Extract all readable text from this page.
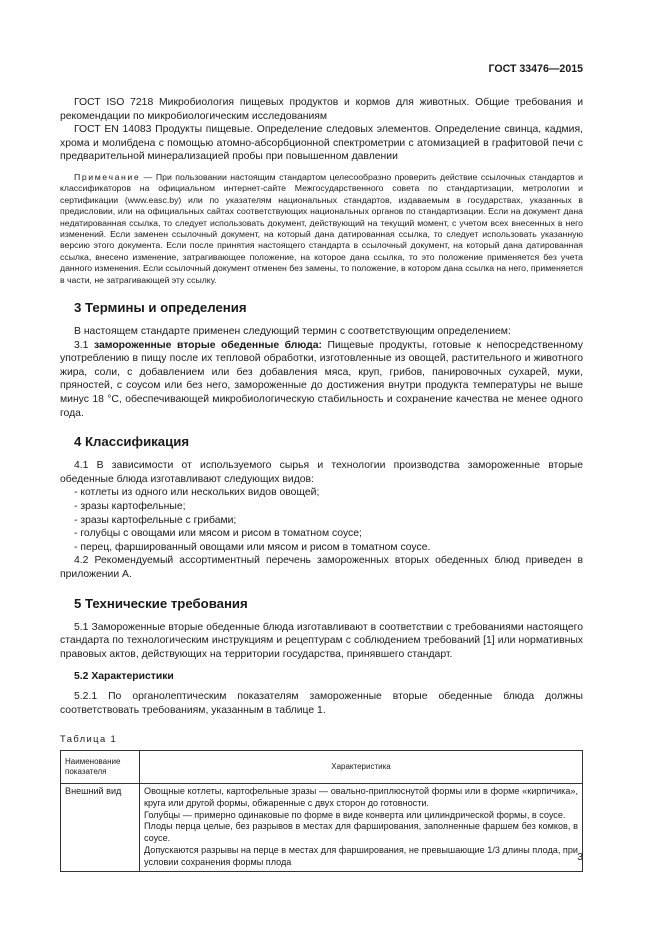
ГОСТ 33476—2015

ГОСТ ISO 7218 Микробиология пищевых продуктов и кормов для животных. Общие требования и рекомендации по микробиологическим исследованиям

ГОСТ EN 14083 Продукты пищевые. Определение следовых элементов. Определение свинца, кадмия, хрома и молибдена с помощью атомно-абсорбционной спектрометрии с атомизацией в графитовой печи с предварительной минерализацией пробы при повышенном давлении

Примечание — При пользовании настоящим стандартом целесообразно проверить действие ссылочных стандартов и классификаторов на официальном интернет-сайте Межгосударственного совета по стандартизации, метрологии и сертификации (www.easc.by) или по указателям национальных стандартов, издаваемым в государствах, указанных в предисловии, или на официальных сайтах соответствующих национальных органов по стандартизации. Если на документ дана недатированная ссылка, то следует использовать документ, действующий на текущий момент, с учетом всех внесенных в него изменений. Если заменен ссылочный документ, на который дана датированная ссылка, то следует использовать указанную версию этого документа. Если после принятия настоящего стандарта в ссылочный документ, на который дана датированная ссылка, внесено изменение, затрагивающее положение, на которое дана ссылка, то это положение применяется без учета данного изменения. Если ссылочный документ отменен без замены, то положение, в котором дана ссылка на него, применяется в части, не затрагивающей эту ссылку.

3 Термины и определения

В настоящем стандарте применен следующий термин с соответствующим определением:

3.1 замороженные вторые обеденные блюда: Пищевые продукты, готовые к непосредственному употреблению в пищу после их тепловой обработки, изготовленные из овощей, растительного и животного жира, соли, с добавлением или без добавления мяса, круп, грибов, панировочных сухарей, муки, пряностей, с соусом или без него, замороженные до достижения внутри продукта температуры не выше минус 18 °С, обеспечивающей микробиологическую стабильность и сохранение качества не менее одного года.

4 Классификация

4.1 В зависимости от используемого сырья и технологии производства замороженные вторые обеденные блюда изготавливают следующих видов:

- котлеты из одного или нескольких видов овощей;

- зразы картофельные;

- зразы картофельные с грибами;

- голубцы с овощами или мясом и рисом в томатном соусе;

- перец, фаршированный овощами или мясом и рисом в томатном соусе.

4.2 Рекомендуемый ассортиментный перечень замороженных вторых обеденных блюд приведен в приложении А.

5 Технические требования

5.1 Замороженные вторые обеденные блюда изготавливают в соответствии с требованиями настоящего стандарта по технологическим инструкциям и рецептурам с соблюдением требований [1] или нормативных правовых актов, действующих на территории государства, принявшего стандарт.

5.2 Характеристики

5.2.1 По органолептическим показателям замороженные вторые обеденные блюда должны соответствовать требованиям, указанным в таблице 1.

Таблица 1

Наименование показателя	Характеристика
Внешний вид	Овощные котлеты, картофельные зразы — овально-приплюснутой формы или в форме «кирпичика», круга или другой формы, обжаренные с двух сторон до готовности.
Голубцы — примерно одинаковые по форме в виде конверта или цилиндрической формы, в соусе.
Плоды перца целые, без разрывов в местах для фарширования, заполненные фаршем без комков, в соусе.
Допускаются разрывы на перце в местах для фарширования, не превышающие 1/3 длины плода, при условии сохранения формы плода	3
